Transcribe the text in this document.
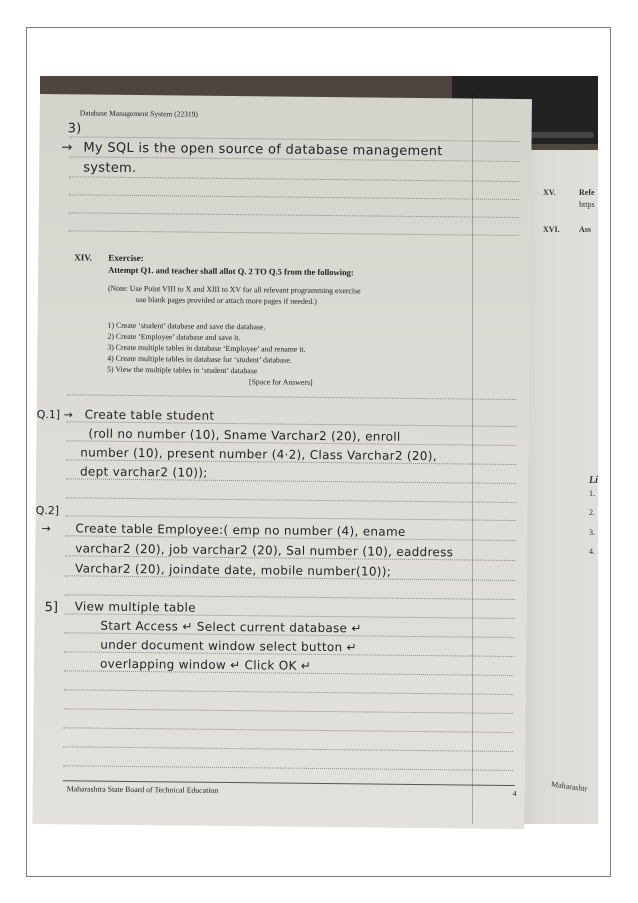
XV.	Refe
https
XVI. Ass
Li
1.
2.
3.
4.
Maharashtr
Database Management System (22319)
3)
→ My SQL is the open source of database management
system.
XIV. Exercise:
Attempt Q1. and teacher shall allot Q. 2 TO Q.5 from the following:
(Note: Use Point VIII to X and XIII to XV for all relevant programming exercise
use blank pages provided or attach more pages if needed.)
1) Create ‘student’ database and save the database.
2) Create ‘Employee’ database and save it.
3) Create multiple tables in database ‘Employee’ and rename it.
4) Create multiple tables in database for ‘student’ database.
5) View the multiple tables in ‘student’ database
[Space for Answers]
Q.1] → Create table student
(roll no number (10), Sname Varchar2 (20), enroll
number (10), present number (4·2), Class Varchar2 (20),
dept varchar2 (10));
Q.2]
→ Create table Employee:( emp no number (4), ename
varchar2 (20), job varchar2 (20), Sal number (10), eaddress
Varchar2 (20), joindate date, mobile number(10));
5] View multiple table
Start Access ↵ Select current database ↵
under document window select button ↵
overlapping window ↵ Click OK ↵
Maharashtra State Board of Technical Education	4
